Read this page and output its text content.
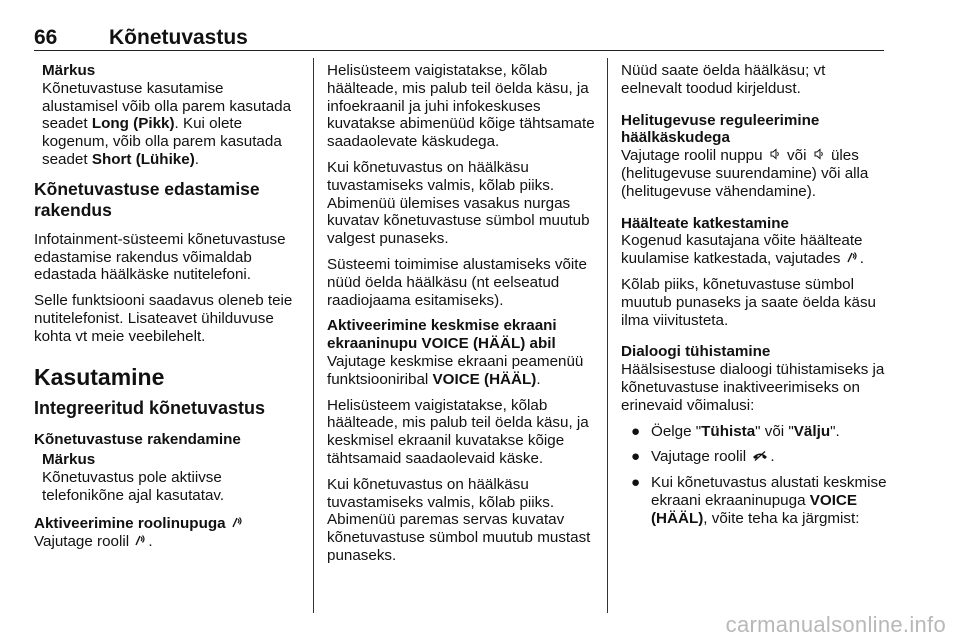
66 Kõnetuvastus
Märkus
Kõnetuvastuse kasutamise alustamisel võib olla parem kasutada seadet Long (Pikk). Kui olete kogenum, võib olla parem kasutada seadet Short (Lühike).
Kõnetuvastuse edastamise rakendus

Infotainment-süsteemi kõnetuvastuse edastamise rakendus võimaldab edastada häälkäske nutitelefoni.

Selle funktsiooni saadavus oleneb teie nutitelefonist. Lisateavet ühilduvuse kohta vt meie veebilehelt.

Kasutamine
Integreeritud kõnetuvastus
Kõnetuvastuse rakendamine
Märkus
Kõnetuvastus pole aktiivse telefonikõne ajal kasutatav.
Aktiveerimine roolinupuga

Vajutage roolil .

Helisüsteem vaigistatakse, kõlab häälteade, mis palub teil öelda käsu, ja infoekraanil ja juhi infokeskuses kuvatakse abimenüüd kõige tähtsamate saadaolevate käskudega.

Kui kõnetuvastus on häälkäsu tuvastamiseks valmis, kõlab piiks. Abimenüü ülemises vasakus nurgas kuvatav kõnetuvastuse sümbol muutub valgest punaseks.

Süsteemi toimimise alustamiseks võite nüüd öelda häälkäsu (nt eelseatud raadiojaama esitamiseks).

Aktiveerimine keskmise ekraani ekraaninupu VOICE (HÄÄL) abil

Vajutage keskmise ekraani peamenüü funktsiooniribal VOICE (HÄÄL).

Helisüsteem vaigistatakse, kõlab häälteade, mis palub teil öelda käsu, ja keskmisel ekraanil kuvatakse kõige tähtsamaid saadaolevaid käske.

Kui kõnetuvastus on häälkäsu tuvastamiseks valmis, kõlab piiks. Abimenüü paremas servas kuvatav kõnetuvastuse sümbol muutub mustast punaseks.

Nüüd saate öelda häälkäsu; vt eelnevalt toodud kirjeldust.

Helitugevuse reguleerimine häälkäskudega

Vajutage roolil nuppu või üles (helitugevuse suurendamine) või alla (helitugevuse vähendamine).

Häälteate katkestamine

Kogenud kasutajana võite häälteate kuulamise katkestada, vajutades .

Kõlab piiks, kõnetuvastuse sümbol muutub punaseks ja saate öelda käsu ilma viivitusteta.

Dialoogi tühistamine

Häälsisestuse dialoogi tühistamiseks ja kõnetuvastuse inaktiveerimiseks on erinevaid võimalusi:

● Öelge "Tühista" või "Välju".
● Vajutage roolil .
● Kui kõnetuvastus alustati keskmise ekraani ekraaninupuga VOICE (HÄÄL), võite teha ka järgmist:
carmanualsonline.info
